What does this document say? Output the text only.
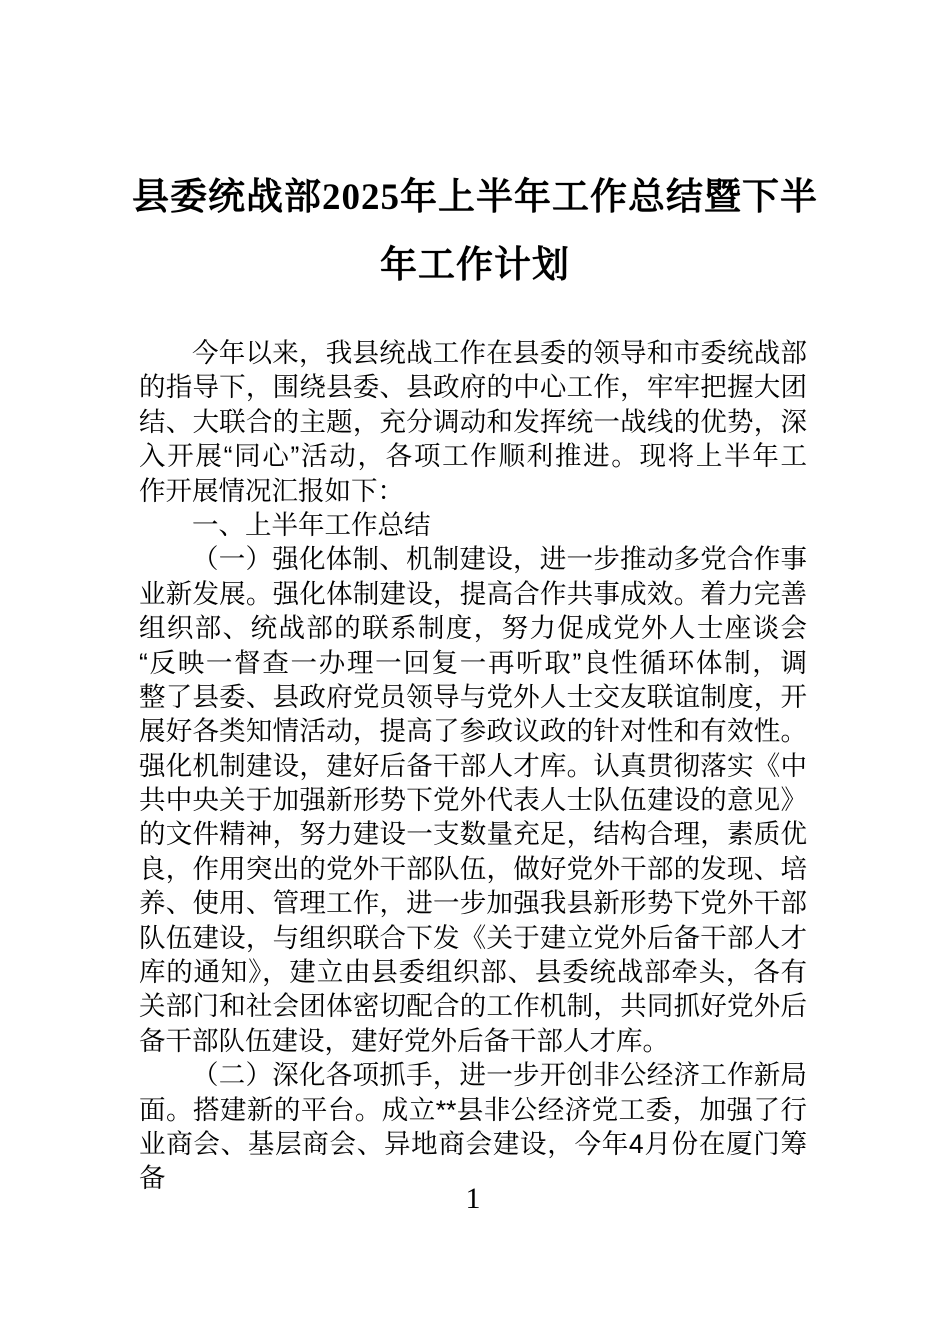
县委统战部2025年上半年工作总结暨下半
年工作计划
今年以来，我县统战工作在县委的领导和市委统战部
的指导下，围绕县委、县政府的中心工作，牢牢把握大团
结、大联合的主题，充分调动和发挥统一战线的优势，深
入开展“同心”活动，各项工作顺利推进。现将上半年工
作开展情况汇报如下：
一、上半年工作总结
（一）强化体制、机制建设，进一步推动多党合作事
业新发展。强化体制建设，提高合作共事成效。着力完善
组织部、统战部的联系制度，努力促成党外人士座谈会
“反映一督查一办理一回复一再听取”良性循环体制，调
整了县委、县政府党员领导与党外人士交友联谊制度，开
展好各类知情活动，提高了参政议政的针对性和有效性。
强化机制建设，建好后备干部人才库。认真贯彻落实《中
共中央关于加强新形势下党外代表人士队伍建设的意见》
的文件精神，努力建设一支数量充足，结构合理，素质优
良，作用突出的党外干部队伍，做好党外干部的发现、培
养、使用、管理工作，进一步加强我县新形势下党外干部
队伍建设，与组织联合下发《关于建立党外后备干部人才
库的通知》，建立由县委组织部、县委统战部牵头，各有
关部门和社会团体密切配合的工作机制，共同抓好党外后
备干部队伍建设，建好党外后备干部人才库。
（二）深化各项抓手，进一步开创非公经济工作新局
面。搭建新的平台。成立**县非公经济党工委，加强了行
业商会、基层商会、异地商会建设，今年4月份在厦门筹备
1
